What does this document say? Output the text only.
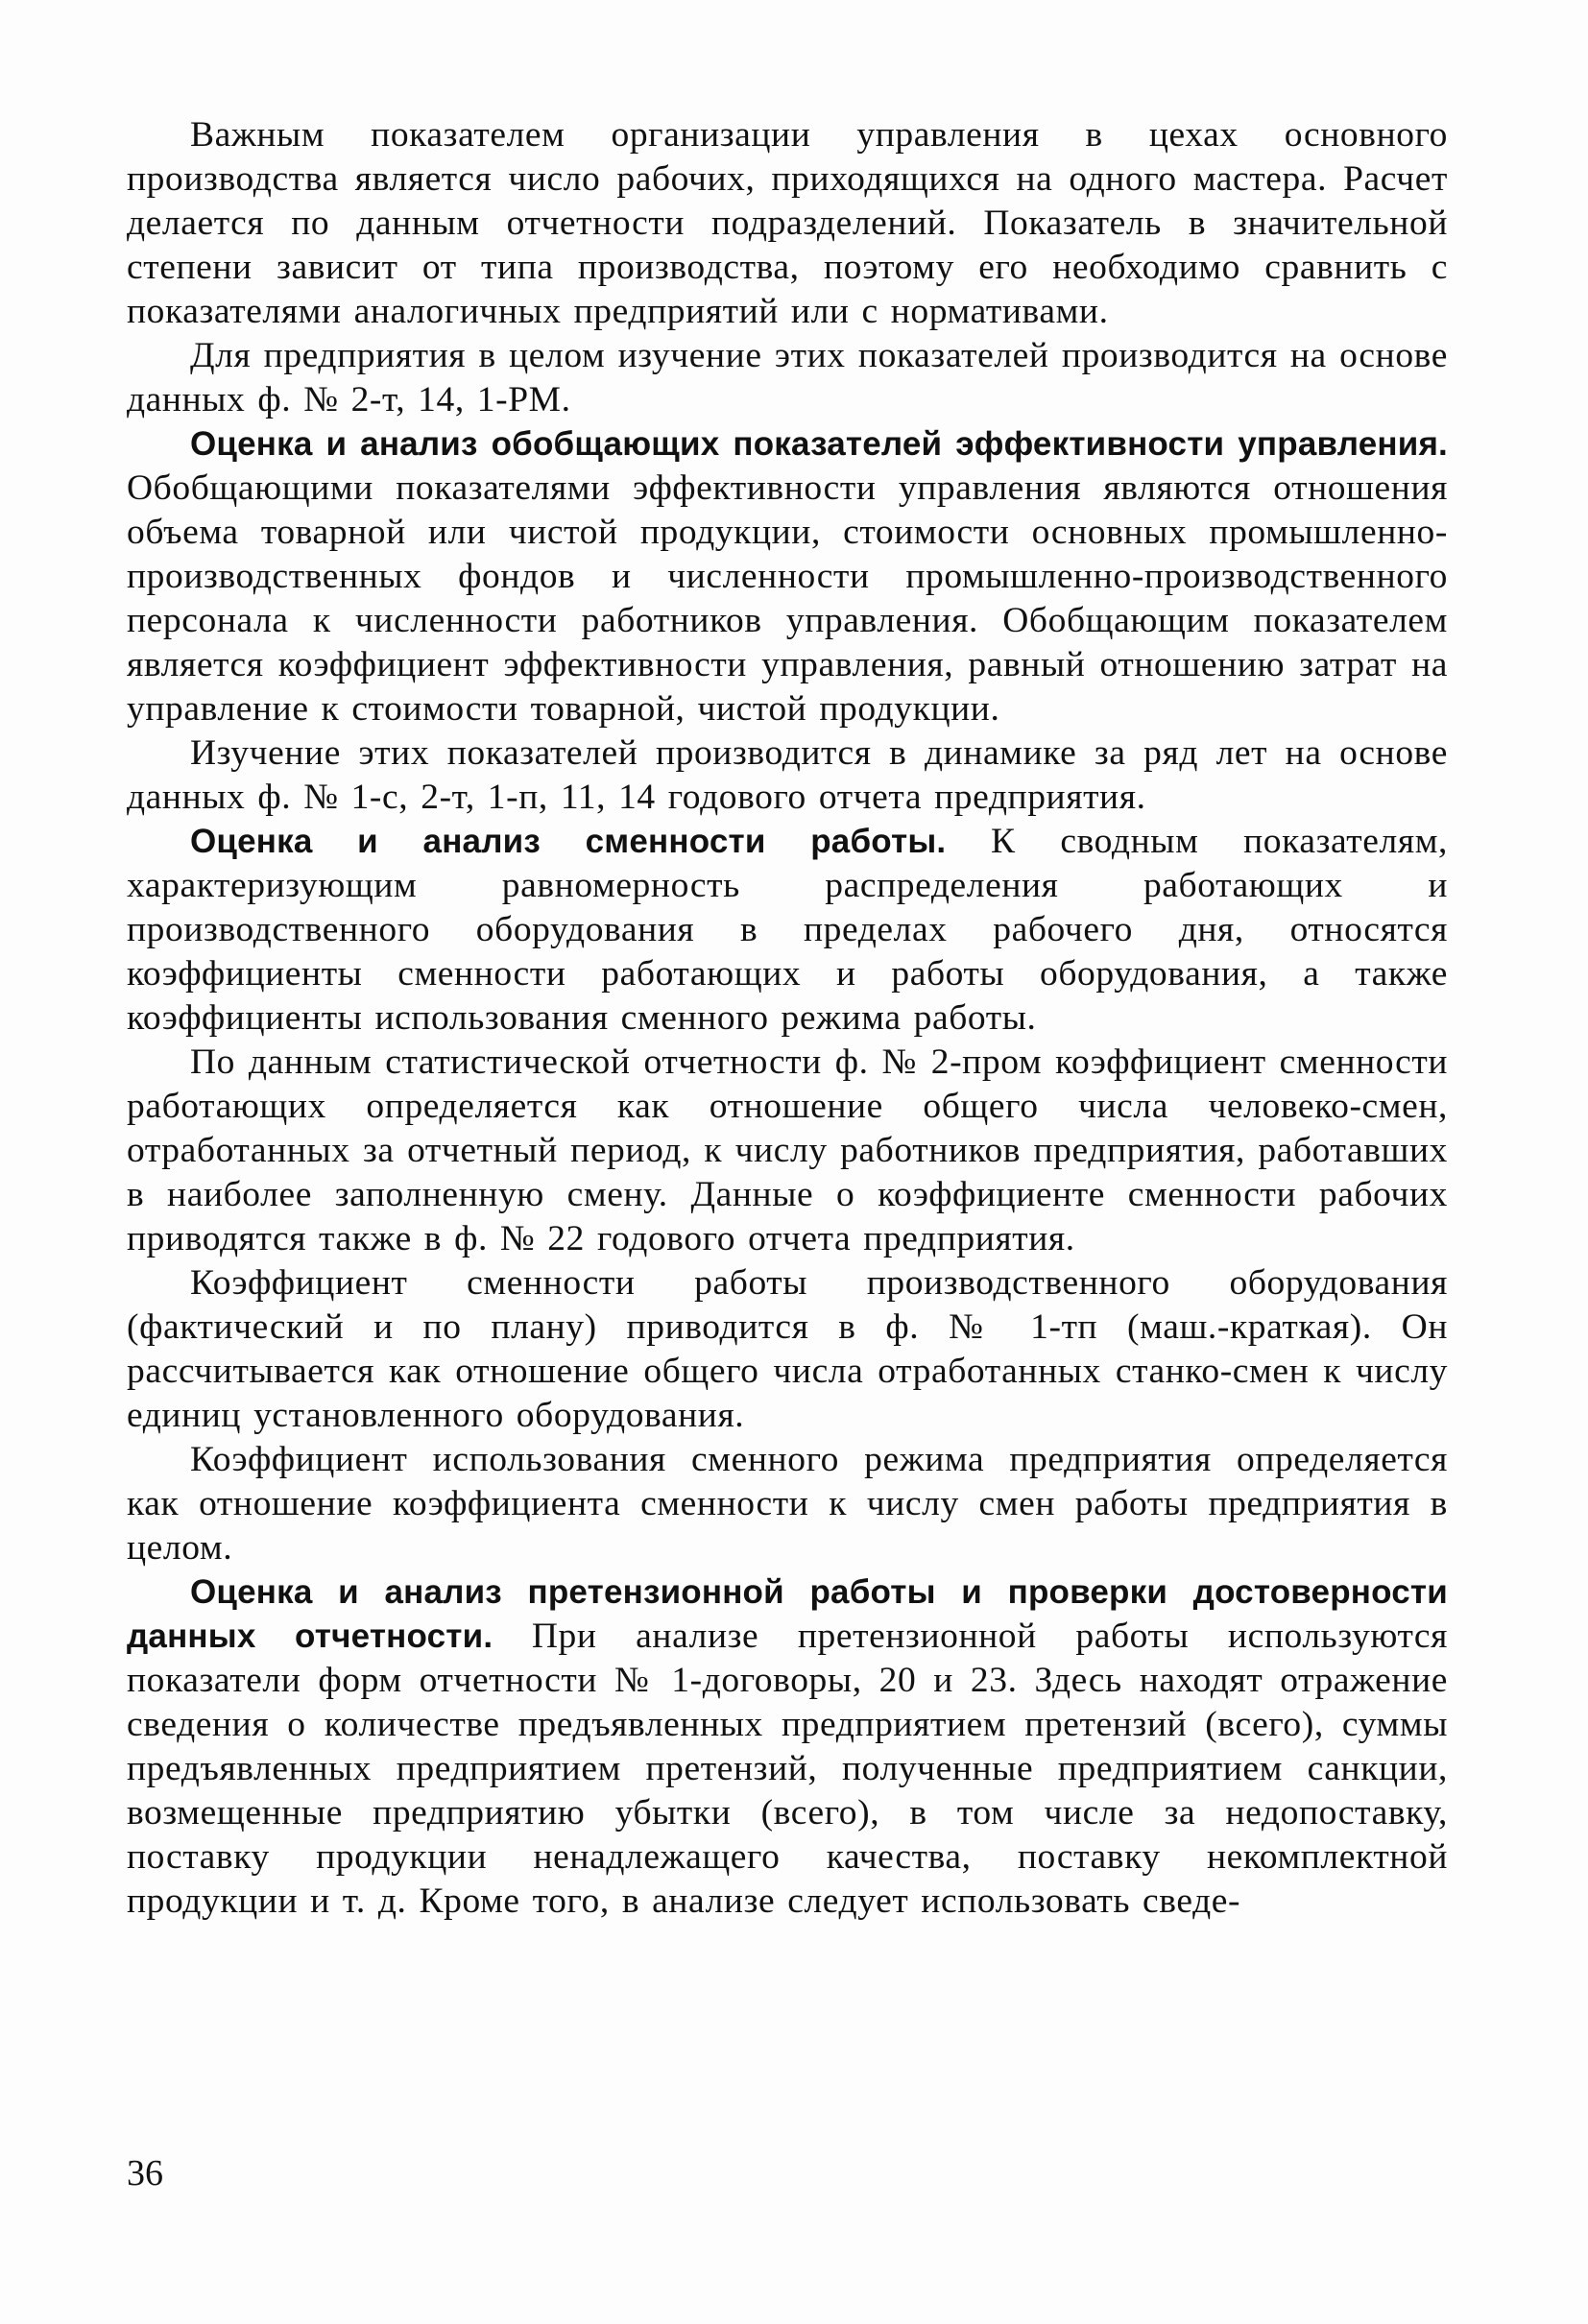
Важным показателем организации управления в цехах основного производства является число рабочих, приходящихся на одного мастера. Расчет делается по данным отчетности подразделений. Показатель в значительной степени зависит от типа производства, поэтому его необходимо сравнить с показателями аналогичных предприятий или с нормативами.

Для предприятия в целом изучение этих показателей производится на основе данных ф. № 2-т, 14, 1-РМ.

Оценка и анализ обобщающих показателей эффективности управления. Обобщающими показателями эффективности управления являются отношения объема товарной или чистой продукции, стоимости основных промышленно-производственных фондов и численности промышленно-производственного персонала к численности работников управления. Обобщающим показателем является коэффициент эффективности управления, равный отношению затрат на управление к стоимости товарной, чистой продукции.

Изучение этих показателей производится в динамике за ряд лет на основе данных ф. № 1-с, 2-т, 1-п, 11, 14 годового отчета предприятия.

Оценка и анализ сменности работы. К сводным показателям, характеризующим равномерность распределения работающих и производственного оборудования в пределах рабочего дня, относятся коэффициенты сменности работающих и работы оборудования, а также коэффициенты использования сменного режима работы.

По данным статистической отчетности ф. № 2-пром коэффициент сменности работающих определяется как отношение общего числа человеко-смен, отработанных за отчетный период, к числу работников предприятия, работавших в наиболее заполненную смену. Данные о коэффициенте сменности рабочих приводятся также в ф. № 22 годового отчета предприятия.

Коэффициент сменности работы производственного оборудования (фактический и по плану) приводится в ф. № 1-тп (маш.-краткая). Он рассчитывается как отношение общего числа отработанных станко-смен к числу единиц установленного оборудования.

Коэффициент использования сменного режима предприятия определяется как отношение коэффициента сменности к числу смен работы предприятия в целом.

Оценка и анализ претензионной работы и проверки достоверности данных отчетности. При анализе претензионной работы используются показатели форм отчетности № 1-договоры, 20 и 23. Здесь находят отражение сведения о количестве предъявленных предприятием претензий (всего), суммы предъявленных предприятием претензий, полученные предприятием санкции, возмещенные предприятию убытки (всего), в том числе за недопоставку, поставку продукции ненадлежащего качества, поставку некомплектной продукции и т. д. Кроме того, в анализе следует использовать сведе-

36
